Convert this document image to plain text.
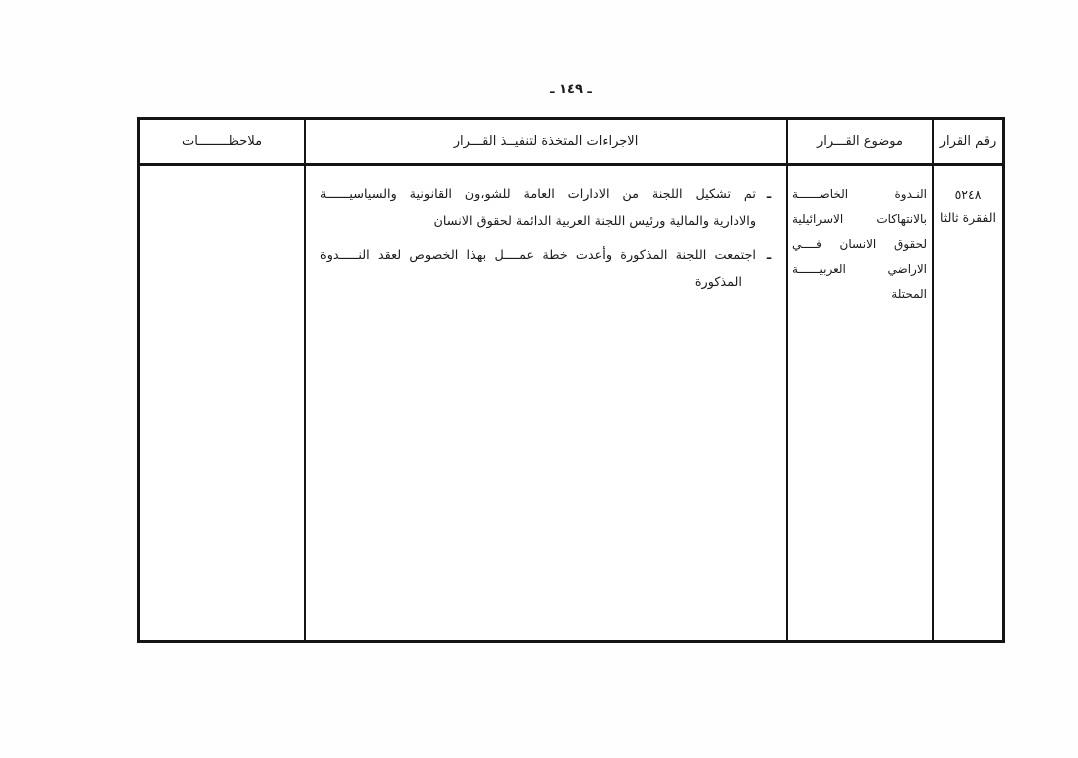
ـ ١٤٩ ـ
رقم القرار
موضوع القـــرار
الاجراءات المتخذة لتنفيــذ القـــرار
ملاحظــــــــات
٥٢٤٨
الفقرة ثالثا
النـدوة الخاصــــــة
بالانتهاكات الاسرائيلية
لحقوق الانسان فــــي
الاراضي العربيــــــة
المحتلة
ـ
تم تشكيل اللجنة من الادارات العامة للشو،ون القانونية والسياسيــــــة
والادارية والمالية ورئيس اللجنة العربية الدائمة لحقوق الانسان
ـ
اجتمعت اللجنة المذكورة وأعدت خطة عمــــل بهذا الخصوص لعقد النـــــدوة
المذكورة
